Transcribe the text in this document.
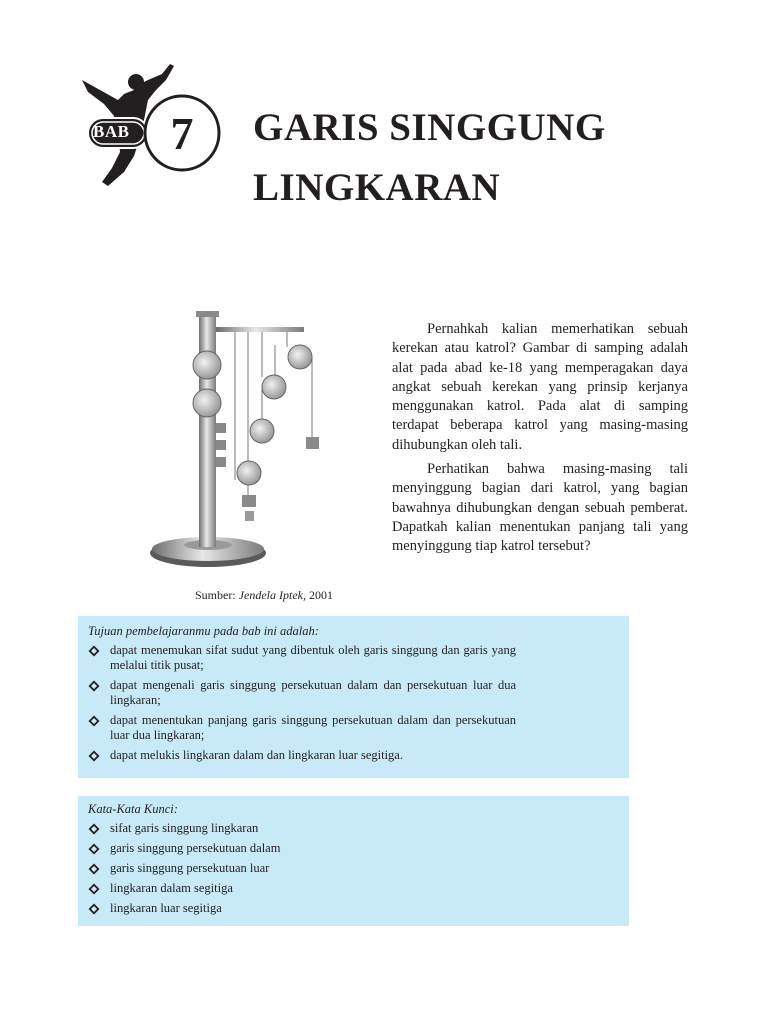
BAB 7	GARIS SINGGUNG
LINGKARAN
Sumber: Jendela Iptek, 2001

Pernahkah kalian memerhatikan sebuah kerekan atau katrol? Gambar di samping adalah alat pada abad ke-18 yang memperagakan daya angkat sebuah kerekan yang prinsip kerjanya menggunakan katrol. Pada alat di samping terdapat beberapa katrol yang masing-masing dihubungkan oleh tali.

Perhatikan bahwa masing-masing tali menyinggung bagian dari katrol, yang bagian bawahnya dihubungkan dengan sebuah pemberat. Dapatkah kalian menentukan panjang tali yang menyinggung tiap katrol tersebut?

Tujuan pembelajaranmu pada bab ini adalah:
dapat menemukan sifat sudut yang dibentuk oleh garis singgung dan garis yang melalui titik pusat;
dapat mengenali garis singgung persekutuan dalam dan persekutuan luar dua lingkaran;
dapat menentukan panjang garis singgung persekutuan dalam dan persekutuan luar dua lingkaran;
dapat melukis lingkaran dalam dan lingkaran luar segitiga.
Kata-Kata Kunci:
sifat garis singgung lingkaran
garis singgung persekutuan dalam
garis singgung persekutuan luar
lingkaran dalam segitiga
lingkaran luar segitiga
